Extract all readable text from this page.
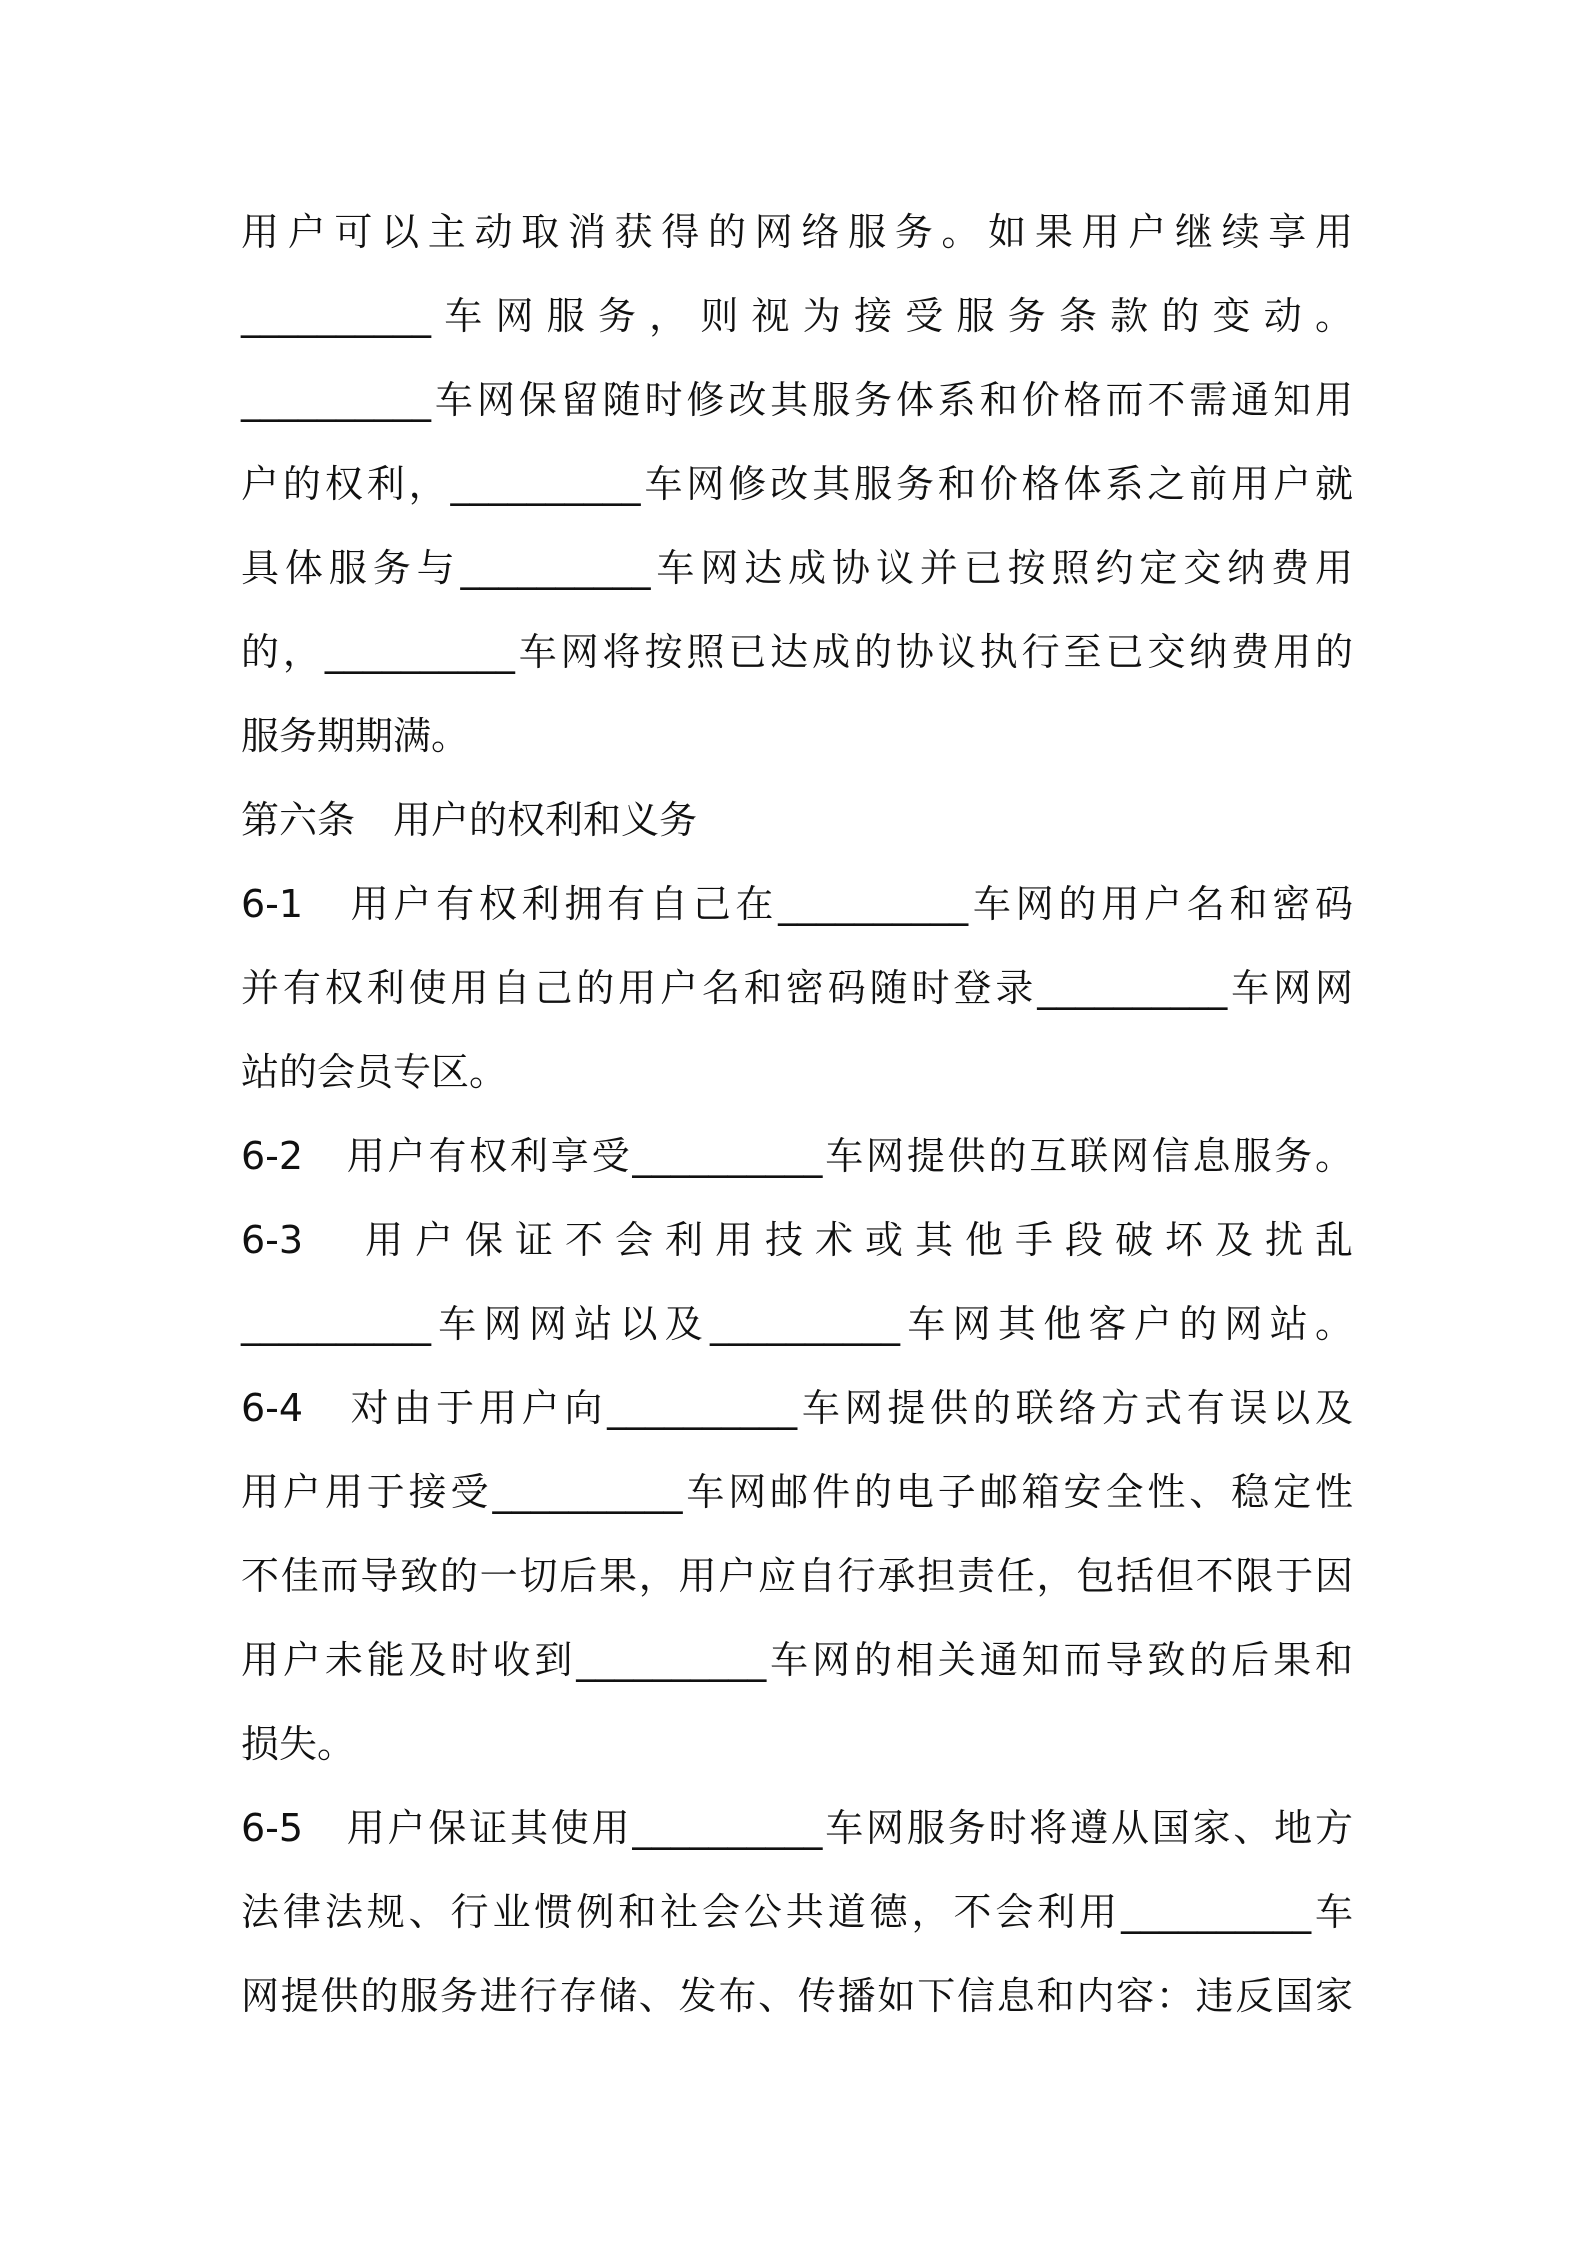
用户可以主动取消获得的网络服务。如果用户继续享用
__________车网服务，则视为接受服务条款的变动。
__________车网保留随时修改其服务体系和价格而不需通知用
户的权利，__________车网修改其服务和价格体系之前用户就
具体服务与__________车网达成协议并已按照约定交纳费用
的，__________车网将按照已达成的协议执行至已交纳费用的
服务期期满。
第六条　用户的权利和义务
6-1　用户有权利拥有自己在__________车网的用户名和密码
并有权利使用自己的用户名和密码随时登录__________车网网
站的会员专区。
6-2　用户有权利享受__________车网提供的互联网信息服务。
6-3　用户保证不会利用技术或其他手段破坏及扰乱
__________车网网站以及__________车网其他客户的网站。
6-4　对由于用户向__________车网提供的联络方式有误以及
用户用于接受__________车网邮件的电子邮箱安全性、稳定性
不佳而导致的一切后果，用户应自行承担责任，包括但不限于因
用户未能及时收到__________车网的相关通知而导致的后果和
损失。
6-5　用户保证其使用__________车网服务时将遵从国家、地方
法律法规、行业惯例和社会公共道德，不会利用__________车
网提供的服务进行存储、发布、传播如下信息和内容：违反国家
